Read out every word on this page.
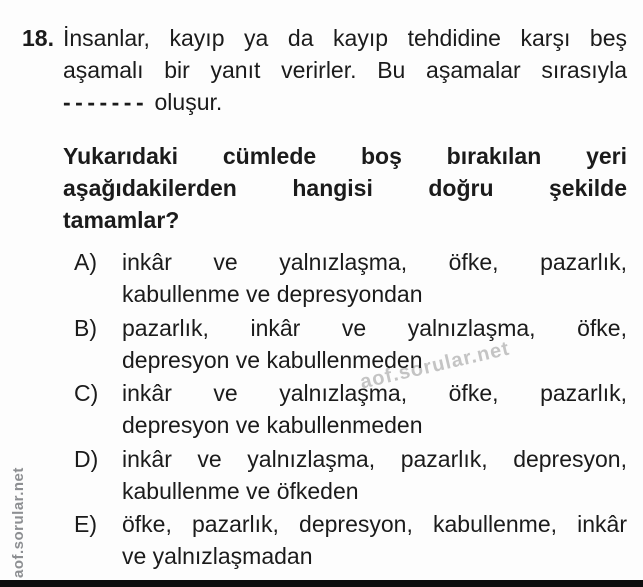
18. İnsanlar, kayıp ya da kayıp tehdidine karşı beş
aşamalı bir yanıt verirler. Bu aşamalar sırasıyla
------- oluşur.
Yukarıdaki cümlede boş bırakılan yeri
aşağıdakilerden hangisi doğru şekilde
tamamlar?
A)	inkâr ve yalnızlaşma, öfke, pazarlık,
kabullenme ve depresyondan
B)	pazarlık, inkâr ve yalnızlaşma, öfke,
depresyon ve kabullenmeden
C)	inkâr ve yalnızlaşma, öfke, pazarlık,
depresyon ve kabullenmeden
D)	inkâr ve yalnızlaşma, pazarlık, depresyon,
kabullenme ve öfkeden
E)	öfke, pazarlık, depresyon, kabullenme, inkâr
ve yalnızlaşmadan
aof.sorular.net
aof.sorular.net
